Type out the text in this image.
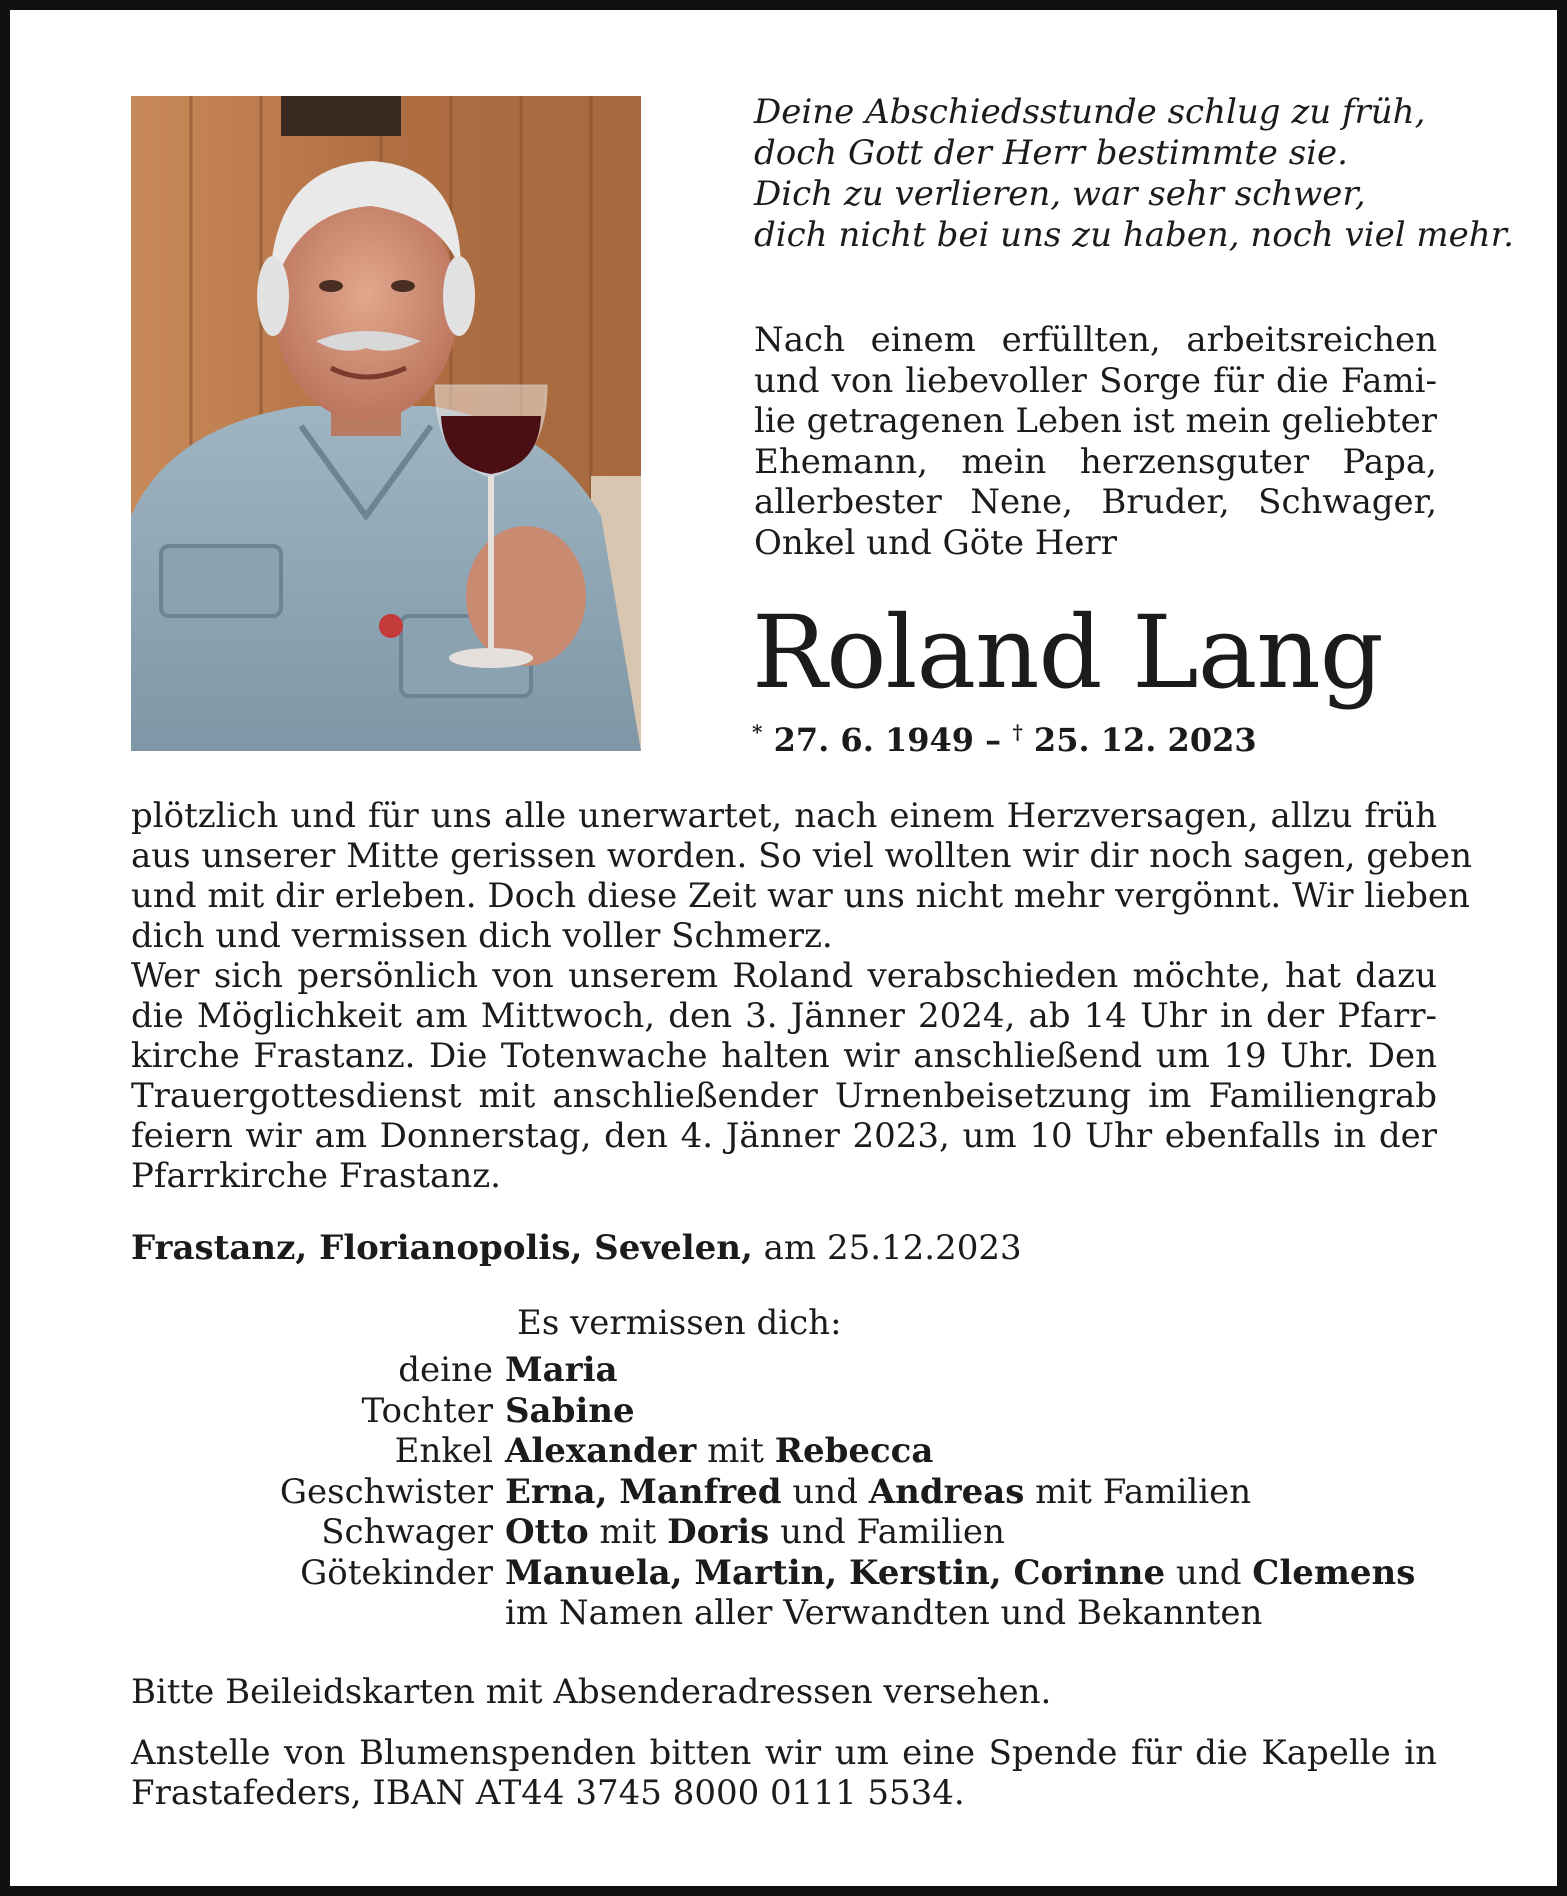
Deine Abschiedsstunde schlug zu früh,
doch Gott der Herr bestimmte sie.
Dich zu verlieren, war sehr schwer,
dich nicht bei uns zu haben, noch viel mehr.
Nach einem erfüllten, arbeitsreichen
und von liebevoller Sorge für die Fami-
lie getragenen Leben ist mein geliebter
Ehemann, mein herzensguter Papa,
allerbester Nene, Bruder, Schwager,
Onkel und Göte Herr
Roland Lang
* 27. 6. 1949 – † 25. 12. 2023
plötzlich und für uns alle unerwartet, nach einem Herzversagen, allzu früh
aus unserer Mitte gerissen worden. So viel wollten wir dir noch sagen, geben
und mit dir erleben. Doch diese Zeit war uns nicht mehr vergönnt. Wir lieben
dich und vermissen dich voller Schmerz.
Wer sich persönlich von unserem Roland verabschieden möchte, hat dazu
die Möglichkeit am Mittwoch, den 3. Jänner 2024, ab 14 Uhr in der Pfarr-
kirche Frastanz. Die Totenwache halten wir anschließend um 19 Uhr. Den
Trauergottesdienst mit anschließender Urnenbeisetzung im Familiengrab
feiern wir am Donnerstag, den 4. Jänner 2023, um 10 Uhr ebenfalls in der
Pfarrkirche Frastanz.
Frastanz, Florianopolis, Sevelen, am 25.12.2023
Es vermissen dich:
deine Maria
Tochter Sabine
Enkel Alexander mit Rebecca
Geschwister Erna, Manfred und Andreas mit Familien
Schwager Otto mit Doris und Familien
Götekinder Manuela, Martin, Kerstin, Corinne und Clemens
im Namen aller Verwandten und Bekannten
Bitte Beileidskarten mit Absenderadressen versehen.
Anstelle von Blumenspenden bitten wir um eine Spende für die Kapelle in
Frastafeders, IBAN AT44 3745 8000 0111 5534.
